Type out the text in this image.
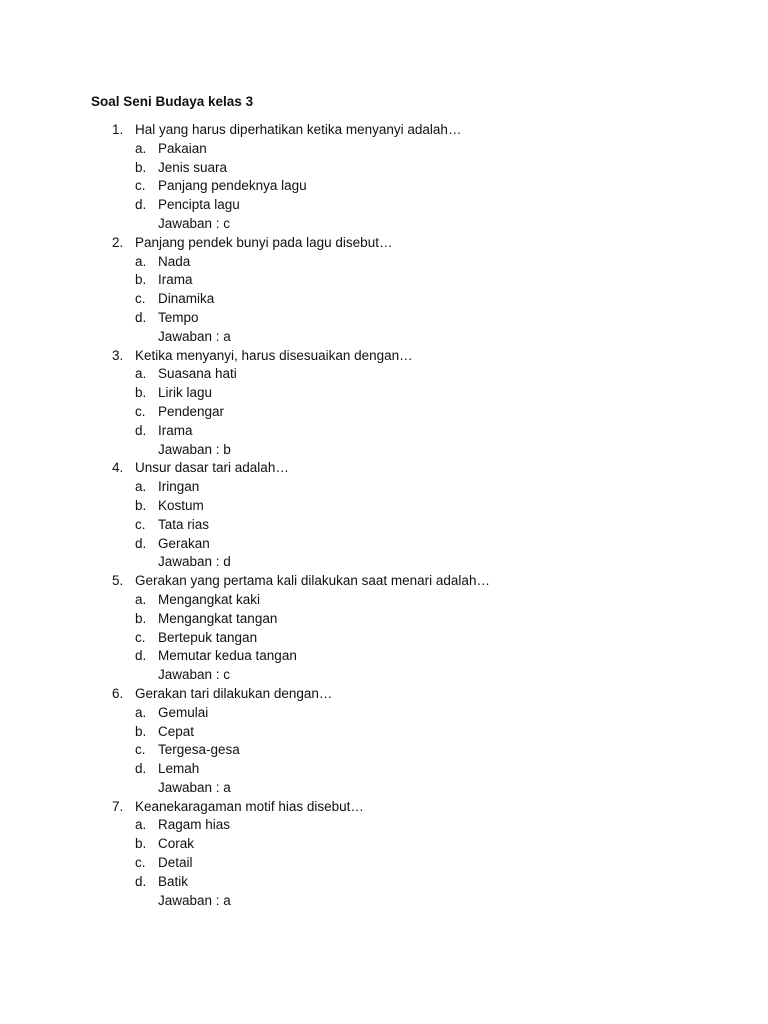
Soal Seni Budaya kelas 3
1. Hal yang harus diperhatikan ketika menyanyi adalah…
a. Pakaian
b. Jenis suara
c. Panjang pendeknya lagu
d. Pencipta lagu
Jawaban : c
2. Panjang pendek bunyi pada lagu disebut…
a. Nada
b. Irama
c. Dinamika
d. Tempo
Jawaban : a
3. Ketika menyanyi, harus disesuaikan dengan…
a. Suasana hati
b. Lirik lagu
c. Pendengar
d. Irama
Jawaban : b
4. Unsur dasar tari adalah…
a. Iringan
b. Kostum
c. Tata rias
d. Gerakan
Jawaban : d
5. Gerakan yang pertama kali dilakukan saat menari adalah…
a. Mengangkat kaki
b. Mengangkat tangan
c. Bertepuk tangan
d. Memutar kedua tangan
Jawaban : c
6. Gerakan tari dilakukan dengan…
a. Gemulai
b. Cepat
c. Tergesa-gesa
d. Lemah
Jawaban : a
7. Keanekaragaman motif hias disebut…
a. Ragam hias
b. Corak
c. Detail
d. Batik
Jawaban : a
